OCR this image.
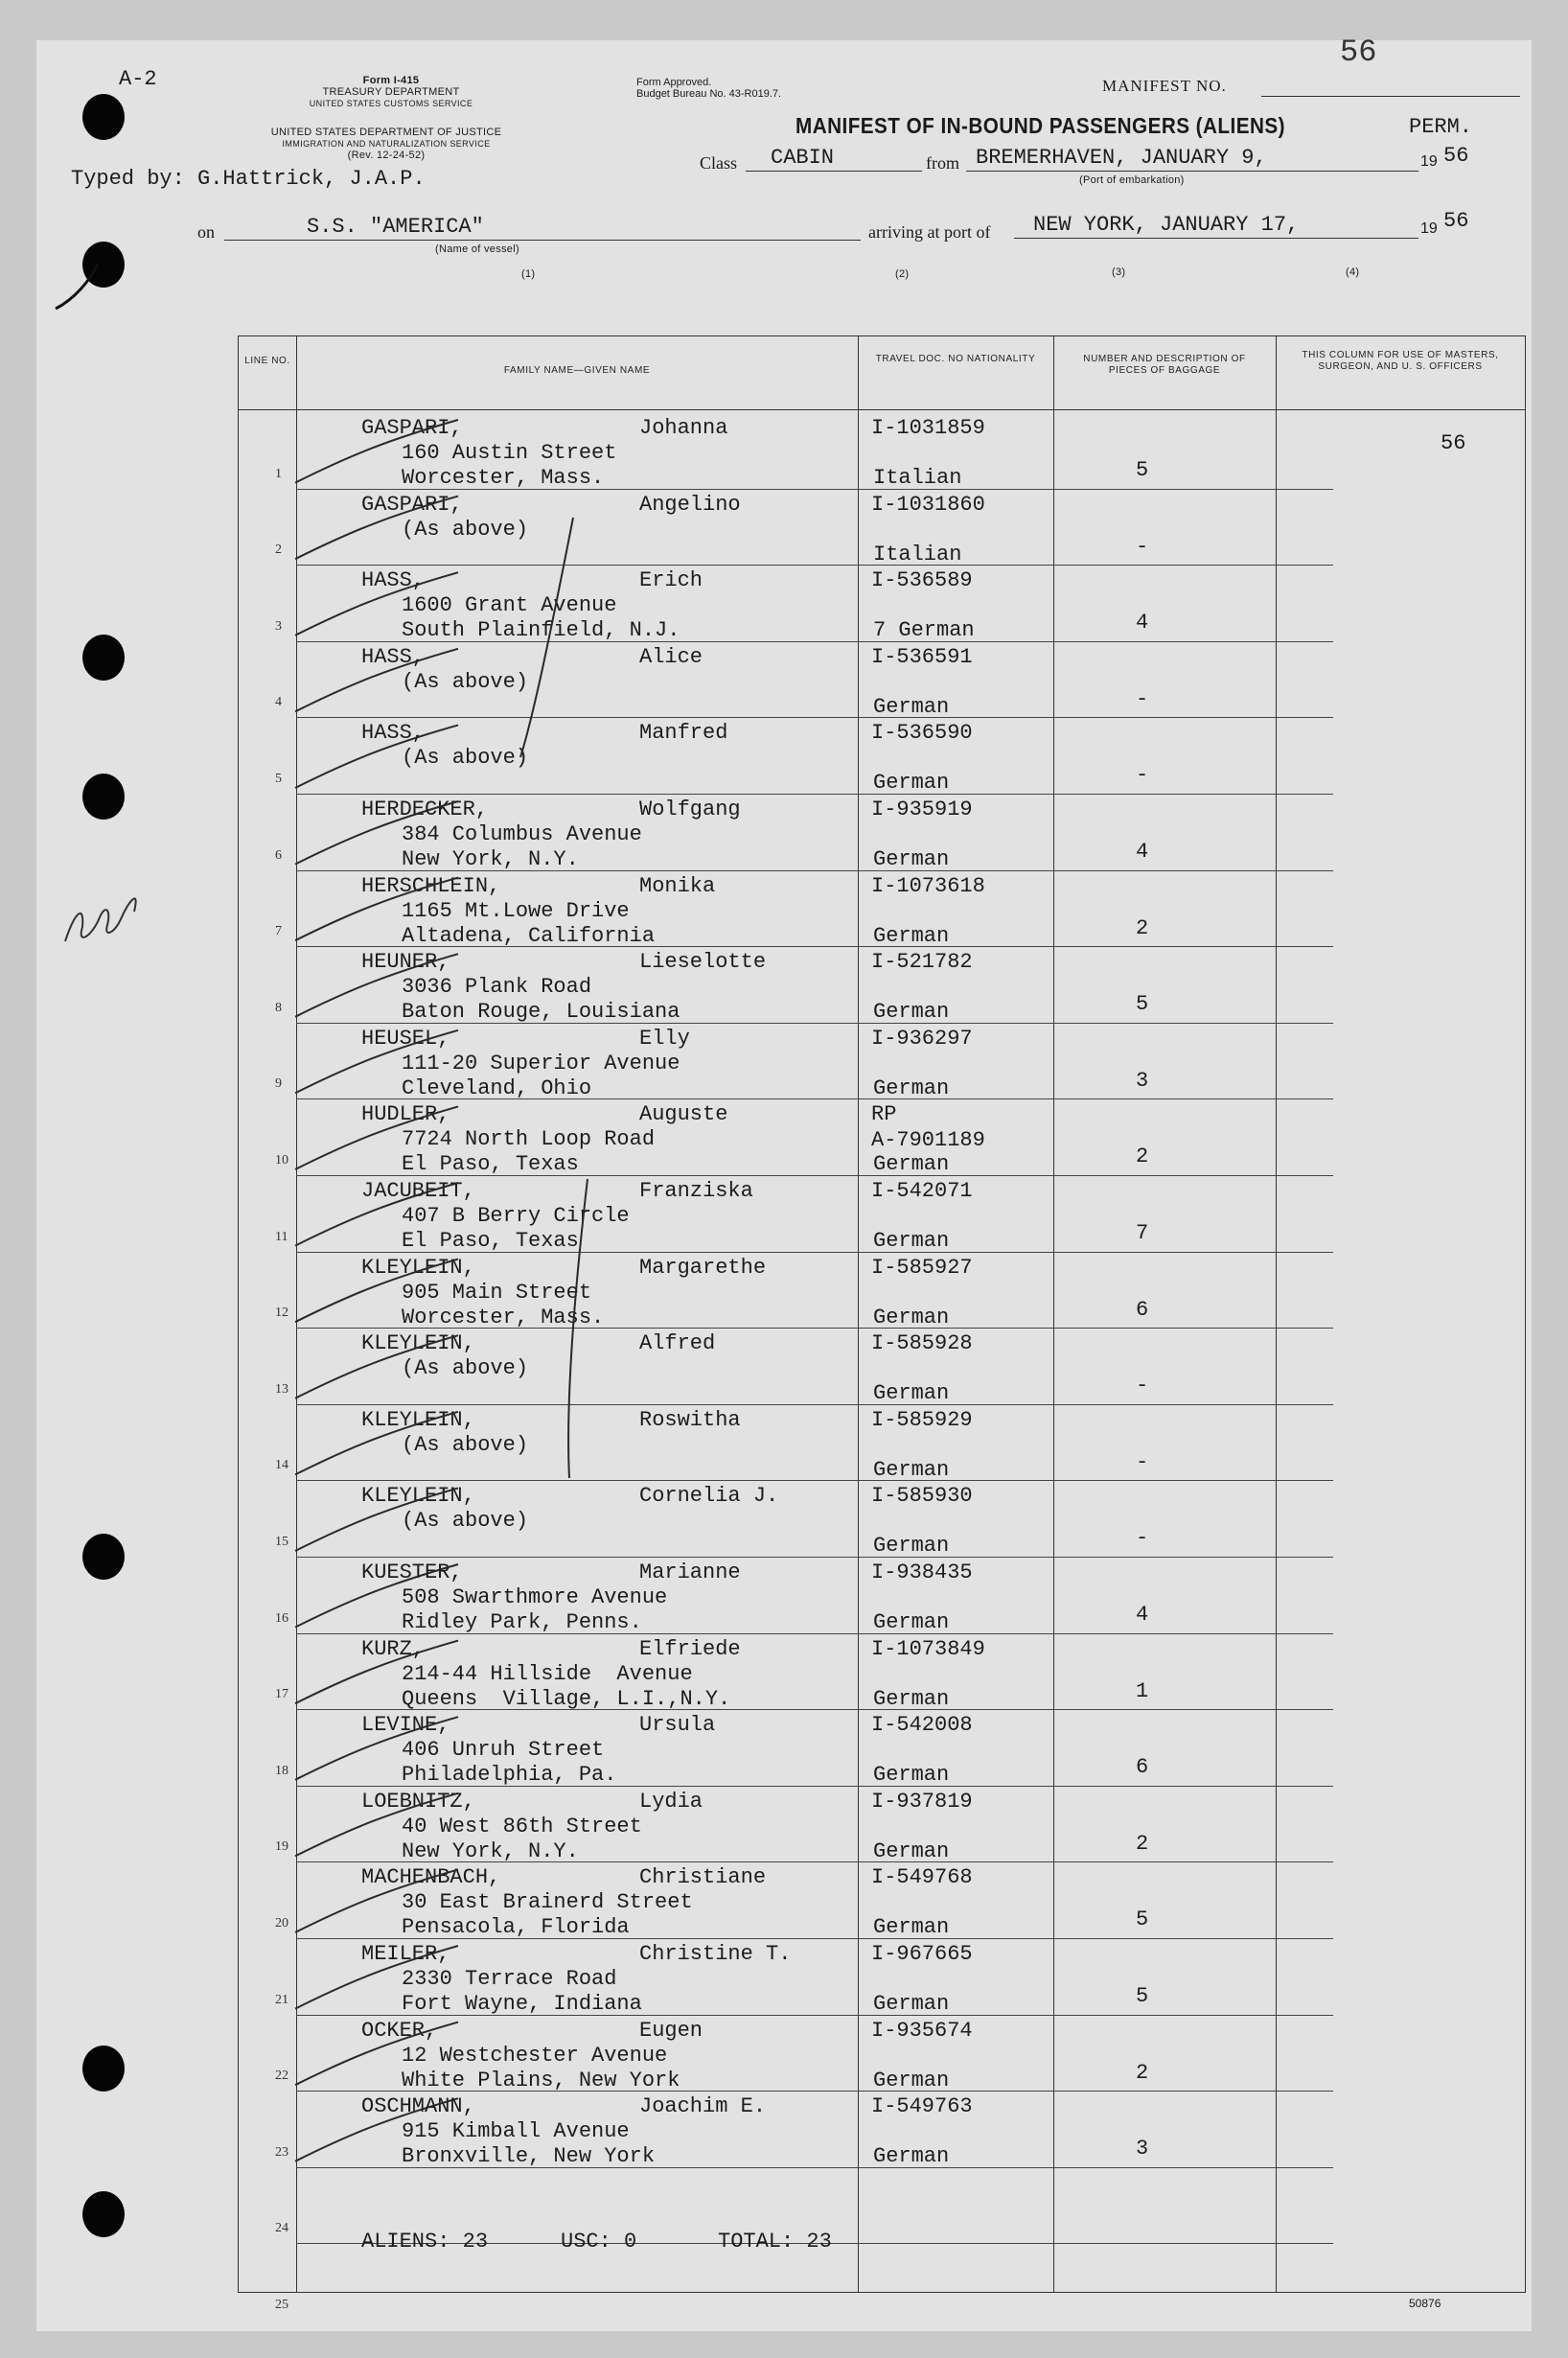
A-2
56
Form I-415
TREASURY DEPARTMENT
UNITED STATES CUSTOMS SERVICE
UNITED STATES DEPARTMENT OF JUSTICE
IMMIGRATION AND NATURALIZATION SERVICE
(Rev. 12-24-52)
Form Approved.
Budget Bureau No. 43-R019.7.	MANIFEST NO.
Typed by: G.Hattrick, J.A.P.
MANIFEST OF IN-BOUND PASSENGERS (ALIENS)	PERM.
Class CABIN	from BREMERHAVEN, JANUARY 9,	19 56
(Port of embarkation)
on	S.S. "AMERICA"
(Name of vessel)
arriving at port of NEW YORK, JANUARY 17,	19 56
(1)	(2)	(3)	(4)
LINE NO.
FAMILY NAME—GIVEN NAME
TRAVEL DOC. NO NATIONALITY	NUMBER AND DESCRIPTION OF PIECES OF BAGGAGE
THIS COLUMN FOR USE OF MASTERS, SURGEON, AND U. S. OFFICERS
1
GASPARI,	Johanna
160 Austin Street
Worcester, Mass.
I-1031859
Italian	5
56
2
GASPARI,	Angelino
(As above)
I-1031860
Italian	-
3
HASS,	Erich
1600 Grant Avenue
South Plainfield, N.J.
I-536589
7 German	4
4
HASS,	Alice
(As above)
I-536591
German	-
5
HASS,	Manfred
(As above)
I-536590
German	-
6
HERDECKER,	Wolfgang
384 Columbus Avenue
New York, N.Y.
I-935919
German	4
7
HERSCHLEIN,	Monika
1165 Mt.Lowe Drive
Altadena, California
I-1073618
German	2
8
HEUNER,	Lieselotte
3036 Plank Road
Baton Rouge, Louisiana
I-521782
German	5
9
HEUSEL,	Elly
111-20 Superior Avenue
Cleveland, Ohio
I-936297
German	3
10
HUDLER,	Auguste
7724 North Loop Road
El Paso, Texas
RP
A-7901189
German	2
11
JACUBEIT,	Franziska
407 B Berry Circle
El Paso, Texas
I-542071
German	7
12
KLEYLEIN,	Margarethe
905 Main Street
Worcester, Mass.
I-585927
German	6
13
KLEYLEIN,	Alfred
(As above)
I-585928
German	-
14
KLEYLEIN,	Roswitha
(As above)
I-585929
German	-
15
KLEYLEIN,	Cornelia J.
(As above)
I-585930
German	-
16
KUESTER,	Marianne
508 Swarthmore Avenue
Ridley Park, Penns.
I-938435
German	4
17
KURZ,	Elfriede
214-44 Hillside  Avenue
Queens  Village, L.I.,N.Y.
I-1073849
German	1
18
LEVINE,	Ursula
406 Unruh Street
Philadelphia, Pa.
I-542008
German	6
19
LOEBNITZ,	Lydia
40 West 86th Street
New York, N.Y.
I-937819
German	2
20
MACHENBACH,	Christiane
30 East Brainerd Street
Pensacola, Florida
I-549768
German	5
21
MEILER,	Christine T.
2330 Terrace Road
Fort Wayne, Indiana
I-967665
German	5
22
OCKER,	Eugen
12 Westchester Avenue
White Plains, New York
I-935674
German	2
23
OSCHMANN,	Joachim E.
915 Kimball Avenue
Bronxville, New York
I-549763
German	3
24
25
ALIENS: 23	USC: 0	TOTAL: 23
50876
